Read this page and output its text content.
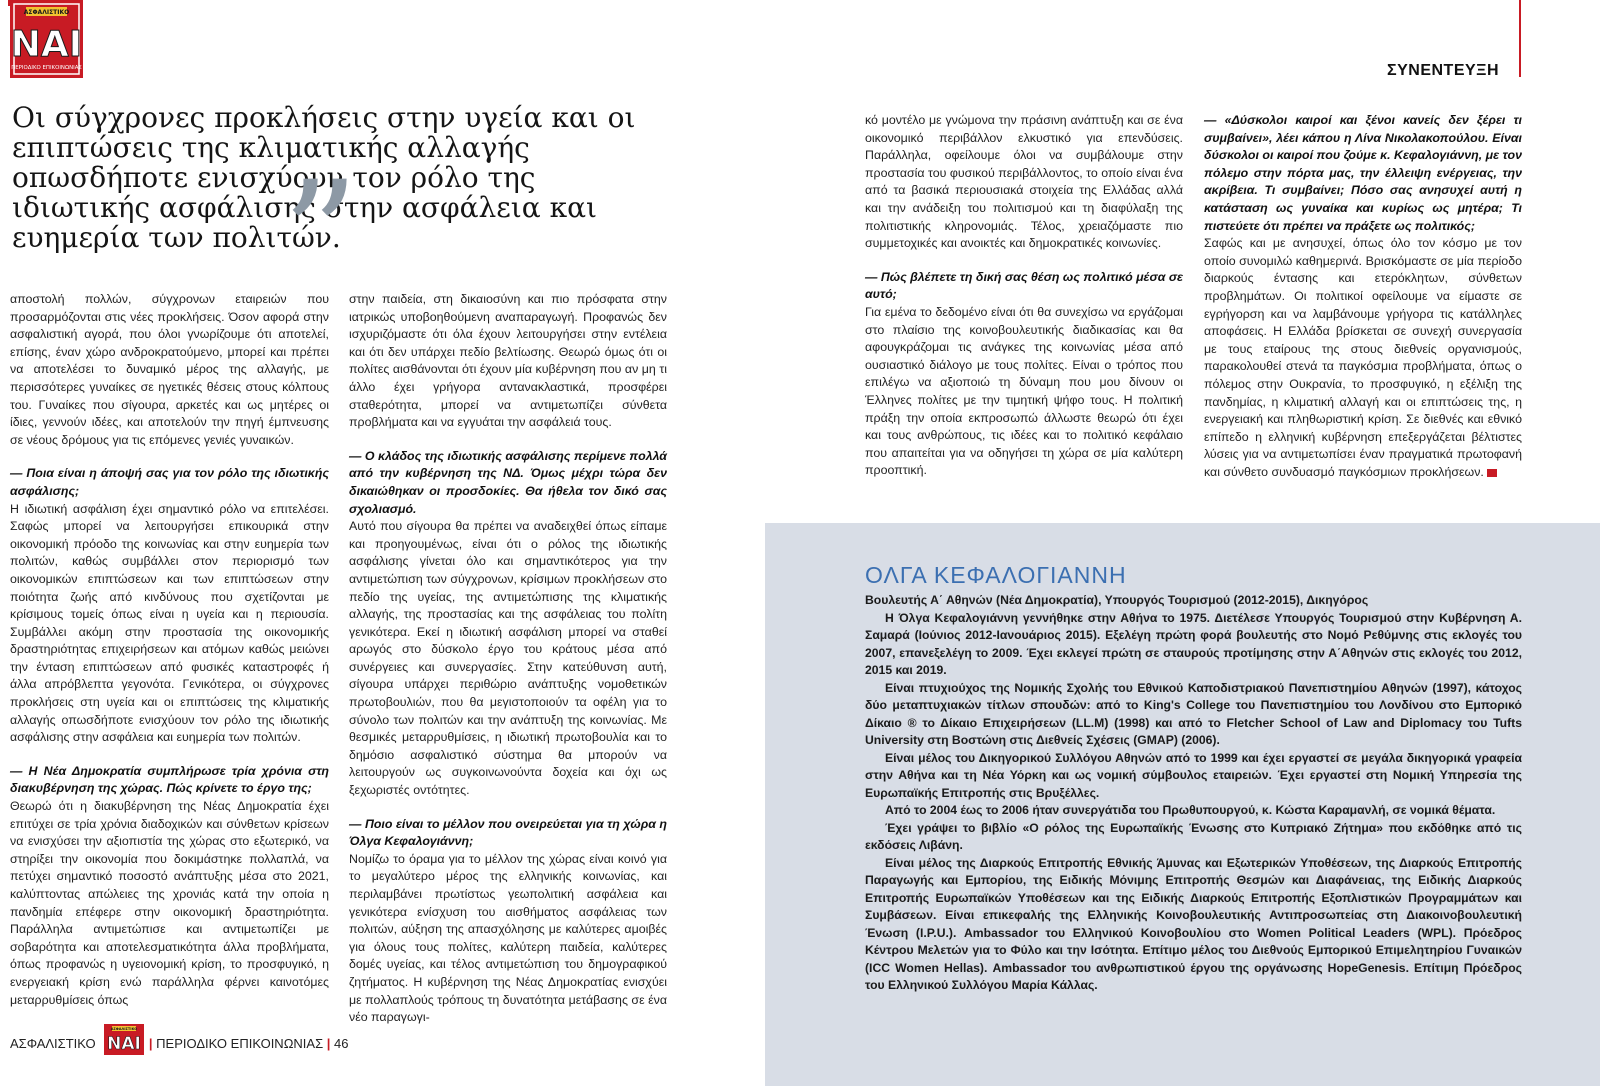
ΑΣΦΑΛΙΣΤΙΚΟ
ΝΑΙ
ΠΕΡΙΟΔΙΚΟ ΕΠΙΚΟΙΝΩΝΙΑΣ	ΣΥΝΕΝΤΕΥΞΗ
Οι σύγχρονες προκλήσεις στην υγεία και οι επιπτώσεις της κλιματικής αλλαγής οπωσδήποτε ενισχύουν τον ρόλο της ιδιωτικής ασφάλισης στην ασφάλεια και ευημερία των πολιτών.
”

αποστολή πολλών, σύγχρονων εταιρειών που προσαρμόζονται στις νέες προκλήσεις. Όσον αφορά στην ασφαλιστική αγορά, που όλοι γνωρίζουμε ότι αποτελεί, επίσης, έναν χώρο ανδροκρατούμενο, μπορεί και πρέπει να αποτελέσει το δυναμικό μέρος της αλλαγής, με περισσότερες γυναίκες σε ηγετικές θέσεις στους κόλπους του. Γυναίκες που σίγουρα, αρκετές και ως μητέρες οι ίδιες, γεννούν ιδέες, και αποτελούν την πηγή έμπνευσης σε νέους δρόμους για τις επόμενες γενιές γυναικών.

— Ποια είναι η άποψή σας για τον ρόλο της ιδιωτικής ασφάλισης;

Η ιδιωτική ασφάλιση έχει σημαντικό ρόλο να επιτελέσει. Σαφώς μπορεί να λειτουργήσει επικουρικά στην οικονομική πρόοδο της κοινωνίας και στην ευημερία των πολιτών, καθώς συμβάλλει στον περιορισμό των οικονομικών επιπτώσεων και των επιπτώσεων στην ποιότητα ζωής από κινδύνους που σχετίζονται με κρίσιμους τομείς όπως είναι η υγεία και η περιουσία. Συμβάλλει ακόμη στην προστασία της οικονομικής δραστηριότητας επιχειρήσεων και ατόμων καθώς μειώνει την ένταση επιπτώσεων από φυσικές καταστροφές ή άλλα απρόβλεπτα γεγονότα. Γενικότερα, οι σύγχρονες προκλήσεις στη υγεία και οι επιπτώσεις της κλιματικής αλλαγής οπωσδήποτε ενισχύουν τον ρόλο της ιδιωτικής ασφάλισης στην ασφάλεια και ευημερία των πολιτών.

— Η Νέα Δημοκρατία συμπλήρωσε τρία χρόνια στη διακυβέρνηση της χώρας. Πώς κρίνετε το έργο της;

Θεωρώ ότι η διακυβέρνηση της Νέας Δημοκρατία έχει επιτύχει σε τρία χρόνια διαδοχικών και σύνθετων κρίσεων να ενισχύσει την αξιοπιστία της χώρας στο εξωτερικό, να στηρίξει την οικονομία που δοκιμάστηκε πολλαπλά, να πετύχει σημαντικό ποσοστό ανάπτυξης μέσα στο 2021, καλύπτοντας απώλειες της χρονιάς κατά την οποία η πανδημία επέφερε στην οικονομική δραστηριότητα. Παράλληλα αντιμετώπισε και αντιμετωπίζει με σοβαρότητα και αποτελεσματικότητα άλλα προβλήματα, όπως προφανώς η υγειονομική κρίση, το προσφυγικό, η ενεργειακή κρίση ενώ παράλληλα φέρνει καινοτόμες μεταρρυθμίσεις όπως

στην παιδεία, στη δικαιοσύνη και πιο πρόσφατα στην ιατρικώς υποβοηθούμενη αναπαραγωγή. Προφανώς δεν ισχυριζόμαστε ότι όλα έχουν λειτουργήσει στην εντέλεια και ότι δεν υπάρχει πεδίο βελτίωσης. Θεωρώ όμως ότι οι πολίτες αισθάνονται ότι έχουν μία κυβέρνηση που αν μη τι άλλο έχει γρήγορα αντανακλαστικά, προσφέρει σταθερότητα, μπορεί να αντιμετωπίζει σύνθετα προβλήματα και να εγγυάται την ασφάλειά τους.

— Ο κλάδος της ιδιωτικής ασφάλισης περίμενε πολλά από την κυβέρνηση της ΝΔ. Όμως μέχρι τώρα δεν δικαιώθηκαν οι προσδοκίες. Θα ήθελα τον δικό σας σχολιασμό.

Αυτό που σίγουρα θα πρέπει να αναδειχθεί όπως είπαμε και προηγουμένως, είναι ότι ο ρόλος της ιδιωτικής ασφάλισης γίνεται όλο και σημαντικότερος για την αντιμετώπιση των σύγχρονων, κρίσιμων προκλήσεων στο πεδίο της υγείας, της αντιμετώπισης της κλιματικής αλλαγής, της προστασίας και της ασφάλειας του πολίτη γενικότερα. Εκεί η ιδιωτική ασφάλιση μπορεί να σταθεί αρωγός στο δύσκολο έργο του κράτους μέσα από συνέργειες και συνεργασίες. Στην κατεύθυνση αυτή, σίγουρα υπάρχει περιθώριο ανάπτυξης νομοθετικών πρωτοβουλιών, που θα μεγιστοποιούν τα οφέλη για το σύνολο των πολιτών και την ανάπτυξη της κοινωνίας. Με θεσμικές μεταρρυθμίσεις, η ιδιωτική πρωτοβουλία και το δημόσιο ασφαλιστικό σύστημα θα μπορούν να λειτουργούν ως συγκοινωνούντα δοχεία και όχι ως ξεχωριστές οντότητες.

— Ποιο είναι το μέλλον που ονειρεύεται για τη χώρα η Όλγα Κεφαλογιάννη;

Νομίζω το όραμα για το μέλλον της χώρας είναι κοινό για το μεγαλύτερο μέρος της ελληνικής κοινωνίας, και περιλαμβάνει πρωτίστως γεωπολιτική ασφάλεια και γενικότερα ενίσχυση του αισθήματος ασφάλειας των πολιτών, αύξηση της απασχόλησης με καλύτερες αμοιβές για όλους τους πολίτες, καλύτερη παιδεία, καλύτερες δομές υγείας, και τέλος αντιμετώπιση του δημογραφικού ζητήματος. Η κυβέρνηση της Νέας Δημοκρατίας ενισχύει με πολλαπλούς τρόπους τη δυνατότητα μετάβασης σε ένα νέο παραγωγι-

κό μοντέλο με γνώμονα την πράσινη ανάπτυξη και σε ένα οικονομικό περιβάλλον ελκυστικό για επενδύσεις. Παράλληλα, οφείλουμε όλοι να συμβάλουμε στην προστασία του φυσικού περιβάλλοντος, το οποίο είναι ένα από τα βασικά περιουσιακά στοιχεία της Ελλάδας αλλά και την ανάδειξη του πολιτισμού και τη διαφύλαξη της πολιτιστικής κληρονομιάς. Τέλος, χρειαζόμαστε πιο συμμετοχικές και ανοικτές και δημοκρατικές κοινωνίες.

— Πώς βλέπετε τη δική σας θέση ως πολιτικό μέσα σε αυτό;

Για εμένα το δεδομένο είναι ότι θα συνεχίσω να εργάζομαι στο πλαίσιο της κοινοβουλευτικής διαδικασίας και θα αφουγκράζομαι τις ανάγκες της κοινωνίας μέσα από ουσιαστικό διάλογο με τους πολίτες. Είναι ο τρόπος που επιλέγω να αξιοποιώ τη δύναμη που μου δίνουν οι Έλληνες πολίτες με την τιμητική ψήφο τους. Η πολιτική πράξη την οποία εκπροσωπώ άλλωστε θεωρώ ότι έχει και τους ανθρώπους, τις ιδέες και το πολιτικό κεφάλαιο που απαιτείται για να οδηγήσει τη χώρα σε μία καλύτερη προοπτική.

— «Δύσκολοι καιροί και ξένοι κανείς δεν ξέρει τι συμβαίνει», λέει κάπου η Λίνα Νικολακοπούλου. Είναι δύσκολοι οι καιροί που ζούμε κ. Κεφαλογιάννη, με τον πόλεμο στην πόρτα μας, την έλλειψη ενέργειας, την ακρίβεια. Τι συμβαίνει; Πόσο σας ανησυχεί αυτή η κατάσταση ως γυναίκα και κυρίως ως μητέρα; Τι πιστεύετε ότι πρέπει να πράξετε ως πολιτικός;

Σαφώς και με ανησυχεί, όπως όλο τον κόσμο με τον οποίο συνομιλώ καθημερινά. Βρισκόμαστε σε μία περίοδο διαρκούς έντασης και ετερόκλητων, σύνθετων προβλημάτων. Οι πολιτικοί οφείλουμε να είμαστε σε εγρήγορση και να λαμβάνουμε γρήγορα τις κατάλληλες αποφάσεις. Η Ελλάδα βρίσκεται σε συνεχή συνεργασία με τους εταίρους της στους διεθνείς οργανισμούς, παρακολουθεί στενά τα παγκόσμια προβλήματα, όπως ο πόλεμος στην Ουκρανία, το προσφυγικό, η εξέλιξη της πανδημίας, η κλιματική αλλαγή και οι επιπτώσεις της, η ενεργειακή και πληθωριστική κρίση. Σε διεθνές και εθνικό επίπεδο η ελληνική κυβέρνηση επεξεργάζεται βέλτιστες λύσεις για να αντιμετωπίσει έναν πραγματικά πρωτοφανή και σύνθετο συνδυασμό παγκόσμιων προκλήσεων.

ΟΛΓΑ ΚΕΦΑΛΟΓΙΑΝΝΗ

Βουλευτής Α΄ Αθηνών (Νέα Δημοκρατία), Υπουργός Τουρισμού (2012-2015), Δικηγόρος

Η Όλγα Κεφαλογιάννη γεννήθηκε στην Αθήνα το 1975. Διετέλεσε Υπουργός Τουρισμού στην Κυβέρνηση Α. Σαμαρά (Ιούνιος 2012-Ιανουάριος 2015). Εξελέγη πρώτη φορά βουλευτής στο Νομό Ρεθύμνης στις εκλογές του 2007, επανεξελέγη το 2009. Έχει εκλεγεί πρώτη σε σταυρούς προτίμησης στην Α΄Αθηνών στις εκλογές του 2012, 2015 και 2019.

Είναι πτυχιούχος της Νομικής Σχολής του Εθνικού Καποδιστριακού Πανεπιστημίου Αθηνών (1997), κάτοχος δύο μεταπτυχιακών τίτλων σπουδών: από το King's College του Πανεπιστημίου του Λονδίνου στο Εμπορικό Δίκαιο ® το Δίκαιο Επιχειρήσεων (LL.M) (1998) και από το Fletcher School of Law and Diplomacy του Tufts University στη Βοστώνη στις Διεθνείς Σχέσεις (GMAP) (2006).

Είναι μέλος του Δικηγορικού Συλλόγου Αθηνών από το 1999 και έχει εργαστεί σε μεγάλα δικηγορικά γραφεία στην Αθήνα και τη Νέα Υόρκη και ως νομική σύμβουλος εταιρειών. Έχει εργαστεί στη Νομική Υπηρεσία της Ευρωπαϊκής Επιτροπής στις Βρυξέλλες.

Από το 2004 έως το 2006 ήταν συνεργάτιδα του Πρωθυπουργού, κ. Κώστα Καραμανλή, σε νομικά θέματα.

Έχει γράψει το βιβλίο «Ο ρόλος της Ευρωπαϊκής Ένωσης στο Κυπριακό Ζήτημα» που εκδόθηκε από τις εκδόσεις Λιβάνη.

Είναι μέλος της Διαρκούς Επιτροπής Εθνικής Άμυνας και Εξωτερικών Υποθέσεων, της Διαρκούς Επιτροπής Παραγωγής και Εμπορίου, της Ειδικής Μόνιμης Επιτροπής Θεσμών και Διαφάνειας, της Ειδικής Διαρκούς Επιτροπής Ευρωπαϊκών Υποθέσεων και της Ειδικής Διαρκούς Επιτροπής Εξοπλιστικών Προγραμμάτων και Συμβάσεων. Είναι επικεφαλής της Ελληνικής Κοινοβουλευτικής Αντιπροσωπείας στη Διακοινοβουλευτική Ένωση (I.P.U.). Ambassador του Ελληνικού Κοινοβουλίου στο Women Political Leaders (WPL). Πρόεδρος Κέντρου Μελετών για το Φύλο και την Ισότητα. Επίτιμο μέλος του Διεθνούς Εμπορικού Επιμελητηρίου Γυναικών (ICC Women Hellas). Ambassador του ανθρωπιστικού έργου της οργάνωσης HopeGenesis. Επίτιμη Πρόεδρος του Ελληνικού Συλλόγου Μαρία Κάλλας.

ΑΣΦΑΛΙΣΤΙΚΟ	| ΠΕΡΙΟΔΙΚΟ ΕΠΙΚΟΙΝΩΝΙΑΣ | 46
ΑΣΦΑΛΙΣΤΙΚΟ
ΝΑΙ
